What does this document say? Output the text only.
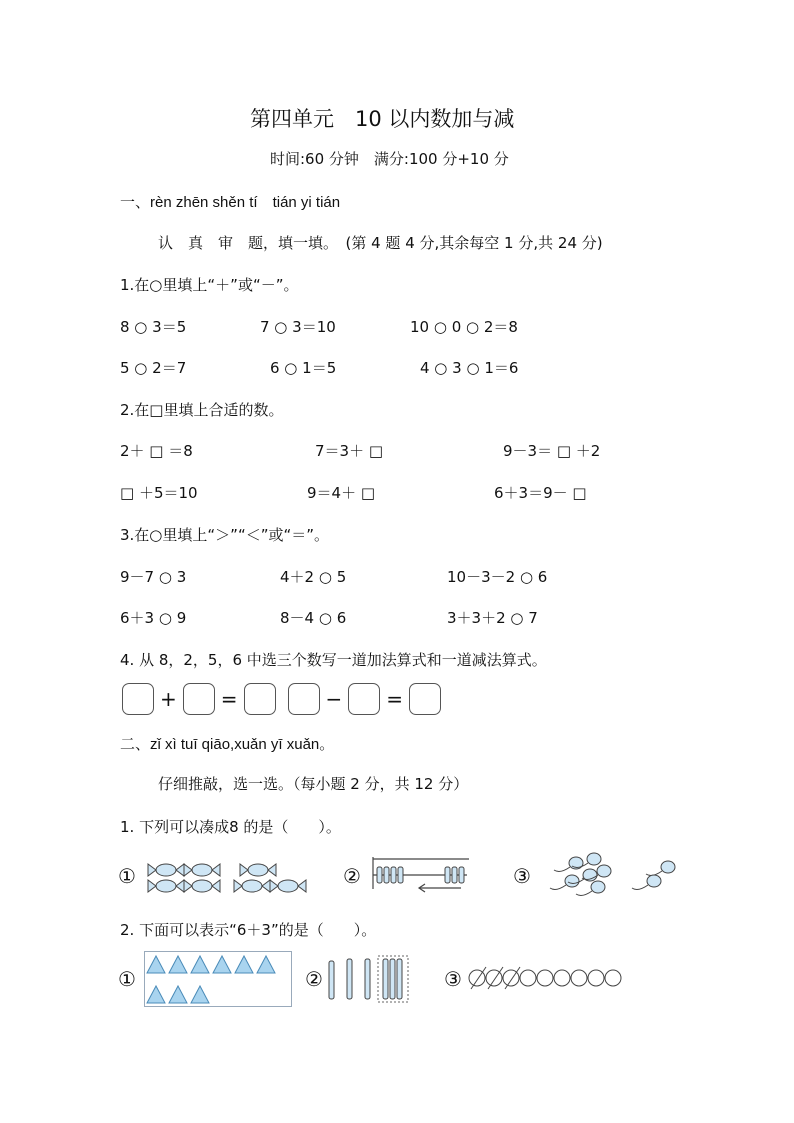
第四单元　10 以内数加与减
时间:60 分钟　满分:100 分+10 分
一、rèn zhēn shěn tí　tián yi tián
认　真　审　题，填一填。　(第 4 题 4 分,其余每空 1 分,共 24 分)
1.在○里填上“＋”或“－”。
8 ○ 3＝5	7 ○ 3＝10	10 ○ 0 ○ 2＝8
5 ○ 2＝7	6 ○ 1＝5	4 ○ 3 ○ 1＝6
2.在□里填上合适的数。
2＋ □ ＝8	7＝3＋ □	9－3＝ □ ＋2
□ ＋5＝10	9＝4＋ □	6＋3＝9－ □
3.在○里填上“＞”“＜”或“＝”。
9－7 ○ 3	4＋2 ○ 5	10－3－2 ○ 6
6＋3 ○ 9	8－4 ○ 6	3＋3＋2 ○ 7
4. 从 8，2，5，6 中选三个数写一道加法算式和一道减法算式。
+ =	− =
二、zǐ xì tuī qiāo,xuǎn yī xuǎn。
仔细推敲，选一选。（每小题 2 分，共 12 分）
1. 下列可以凑成8 的是（　　）。
①	②	③
2. 下面可以表示“6＋3”的是（　　）。
①	②	③
